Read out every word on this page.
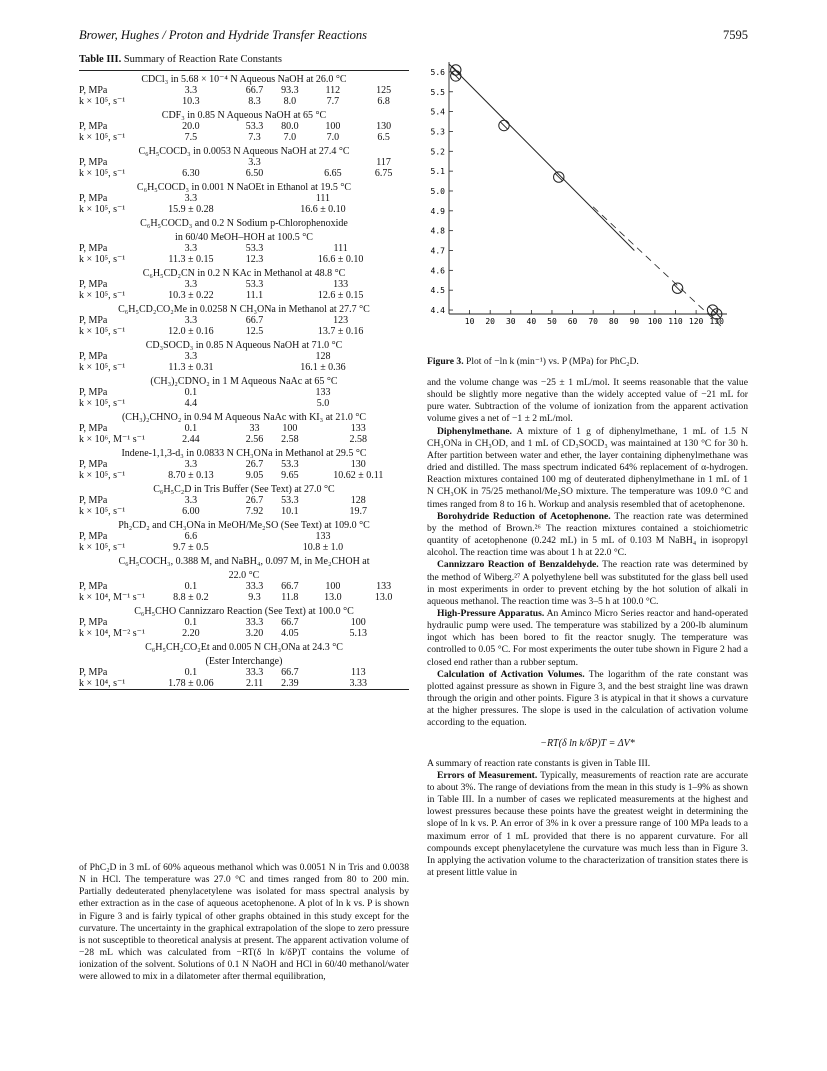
Brower, Hughes / Proton and Hydride Transfer Reactions	7595
Table III. Summary of Reaction Rate Constants
CDCl₃ in 5.68 × 10⁻⁴ N Aqueous NaOH at 26.0 °C					
P, MPa	3.3	66.7	93.3	112	125
k × 10⁵, s⁻¹	10.3	8.3	8.0	7.7	6.8
CDF₃ in 0.85 N Aqueous NaOH at 65 °C					
P, MPa	20.0	53.3	80.0	100	130
k × 10⁵, s⁻¹	7.5	7.3	7.0	7.0	6.5
C₆H₅COCD₃ in 0.0053 N Aqueous NaOH at 27.4 °C					
P, MPa		3.3			117
k × 10⁵, s⁻¹	6.30	6.50		6.65	6.75
C₆H₅COCD₃ in 0.001 N NaOEt in Ethanol at 19.5 °C					
P, MPa	3.3	111			
k × 10⁵, s⁻¹	15.9 ± 0.28	16.6 ± 0.10			
C₆H₅COCD₃ and 0.2 N Sodium p-Chlorophenoxide					
in 60/40 MeOH–HOH at 100.5 °C					
P, MPa	3.3	53.3	111		
k × 10⁵, s⁻¹	11.3 ± 0.15	12.3	16.6 ± 0.10		
C₆H₅CD₂CN in 0.2 N KAc in Methanol at 48.8 °C					
P, MPa	3.3	53.3	133		
k × 10⁵, s⁻¹	10.3 ± 0.22	11.1	12.6 ± 0.15		
C₆H₅CD₂CO₂Me in 0.0258 N CH₃ONa in Methanol at 27.7 °C					
P, MPa	3.3	66.7	123		
k × 10⁵, s⁻¹	12.0 ± 0.16	12.5	13.7 ± 0.16		
CD₃SOCD₃ in 0.85 N Aqueous NaOH at 71.0 °C					
P, MPa	3.3	128			
k × 10⁵, s⁻¹	11.3 ± 0.31	16.1 ± 0.36			
(CH₃)₂CDNO₂ in 1 M Aqueous NaAc at 65 °C					
P, MPa	0.1	133			
k × 10⁵, s⁻¹	4.4	5.0			
(CH₃)₂CHNO₂ in 0.94 M Aqueous NaAc with KI₃ at 21.0 °C					
P, MPa	0.1	33	100	133	
k × 10⁶, M⁻¹ s⁻¹	2.44	2.56	2.58	2.58	
Indene-1,1,3-d₃ in 0.0833 N CH₃ONa in Methanol at 29.5 °C					
P, MPa	3.3	26.7	53.3	130	
k × 10⁵, s⁻¹	8.70 ± 0.13	9.05	9.65	10.62 ± 0.11	
C₆H₅C₂D in Tris Buffer (See Text) at 27.0 °C					
P, MPa	3.3	26.7	53.3	128	
k × 10⁵, s⁻¹	6.00	7.92	10.1	19.7	
Ph₂CD₂ and CH₃ONa in MeOH/Me₂SO (See Text) at 109.0 °C					
P, MPa	6.6	133			
k × 10⁵, s⁻¹	9.7 ± 0.5	10.8 ± 1.0			
C₆H₅COCH₃, 0.388 M, and NaBH₄, 0.097 M, in Me₂CHOH at					
22.0 °C					
P, MPa	0.1	33.3	66.7	100	133
k × 10⁴, M⁻¹ s⁻¹	8.8 ± 0.2	9.3	11.8	13.0	13.0
C₆H₅CHO Cannizzaro Reaction (See Text) at 100.0 °C					
P, MPa	0.1	33.3	66.7	100	
k × 10⁴, M⁻² s⁻¹	2.20	3.20	4.05	5.13	
C₆H₅CH₂CO₂Et and 0.005 N CH₃ONa at 24.3 °C					
(Ester Interchange)					
P, MPa	0.1	33.3	66.7	113	
k × 10⁴, s⁻¹	1.78 ± 0.06	2.11	2.39	3.33	

of PhC₂D in 3 mL of 60% aqueous methanol which was 0.0051 N in Tris and 0.0038 N in HCl. The temperature was 27.0 °C and times ranged from 80 to 200 min. Partially dedeuterated phenylacetylene was isolated for mass spectral analysis by ether extraction as in the case of aqueous acetophenone. A plot of ln k vs. P is shown in Figure 3 and is fairly typical of other graphs obtained in this study except for the curvature. The uncertainty in the graphical extrapolation of the slope to zero pressure is not susceptible to theoretical analysis at present. The apparent activation volume of −28 mL which was calculated from −RT(δ ln k/δP)T contains the volume of ionization of the solvent. Solutions of 0.1 N NaOH and HCl in 60/40 methanol/water were allowed to mix in a dilatometer after thermal equilibration,

5.6
5.5
5.4
5.3
5.2
5.1
5.0
4.9
4.8
4.7
4.6
4.5
4.4
10 20 30 40 50 60 70 80 90 100 110 120 130
Figure 3. Plot of −ln k (min⁻¹) vs. P (MPa) for PhC₂D.

and the volume change was −25 ± 1 mL/mol. It seems reasonable that the value should be slightly more negative than the widely accepted value of −21 mL for pure water. Subtraction of the volume of ionization from the apparent activation volume gives a net of −1 ± 2 mL/mol.

Diphenylmethane. A mixture of 1 g of diphenylmethane, 1 mL of 1.5 N CH₃ONa in CH₃OD, and 1 mL of CD₃SOCD₃ was maintained at 130 °C for 30 h. After partition between water and ether, the layer containing diphenylmethane was dried and distilled. The mass spectrum indicated 64% replacement of α-hydrogen. Reaction mixtures contained 100 mg of deuterated diphenylmethane in 1 mL of 1 N CH₃OK in 75/25 methanol/Me₂SO mixture. The temperature was 109.0 °C and times ranged from 8 to 16 h. Workup and analysis resembled that of acetophenone.

Borohydride Reduction of Acetophenone. The reaction rate was determined by the method of Brown.²⁶ The reaction mixtures contained a stoichiometric quantity of acetophenone (0.242 mL) in 5 mL of 0.103 M NaBH₄ in isopropyl alcohol. The reaction time was about 1 h at 22.0 °C.

Cannizzaro Reaction of Benzaldehyde. The reaction rate was determined by the method of Wiberg.²⁷ A polyethylene bell was substituted for the glass bell used in most experiments in order to prevent etching by the hot solution of alkali in aqueous methanol. The reaction time was 3–5 h at 100.0 °C.

High-Pressure Apparatus. An Aminco Micro Series reactor and hand-operated hydraulic pump were used. The temperature was stabilized by a 200-lb aluminum ingot which has been bored to fit the reactor snugly. The temperature was controlled to 0.05 °C. For most experiments the outer tube shown in Figure 2 had a closed end rather than a rubber septum.

Calculation of Activation Volumes. The logarithm of the rate constant was plotted against pressure as shown in Figure 3, and the best straight line was drawn through the origin and other points. Figure 3 is atypical in that it shows a curvature at the higher pressures. The slope is used in the calculation of activation volume according to the equation.

−RT(δ ln k/δP)T = ΔV*

A summary of reaction rate constants is given in Table III.

Errors of Measurement. Typically, measurements of reaction rate are accurate to about 3%. The range of deviations from the mean in this study is 1–9% as shown in Table III. In a number of cases we replicated measurements at the highest and lowest pressures because these points have the greatest weight in determining the slope of ln k vs. P. An error of 3% in k over a pressure range of 100 MPa leads to a maximum error of 1 mL provided that there is no apparent curvature. For all compounds except phenylacetylene the curvature was much less than in Figure 3. In applying the activation volume to the characterization of transition states there is at present little value in
